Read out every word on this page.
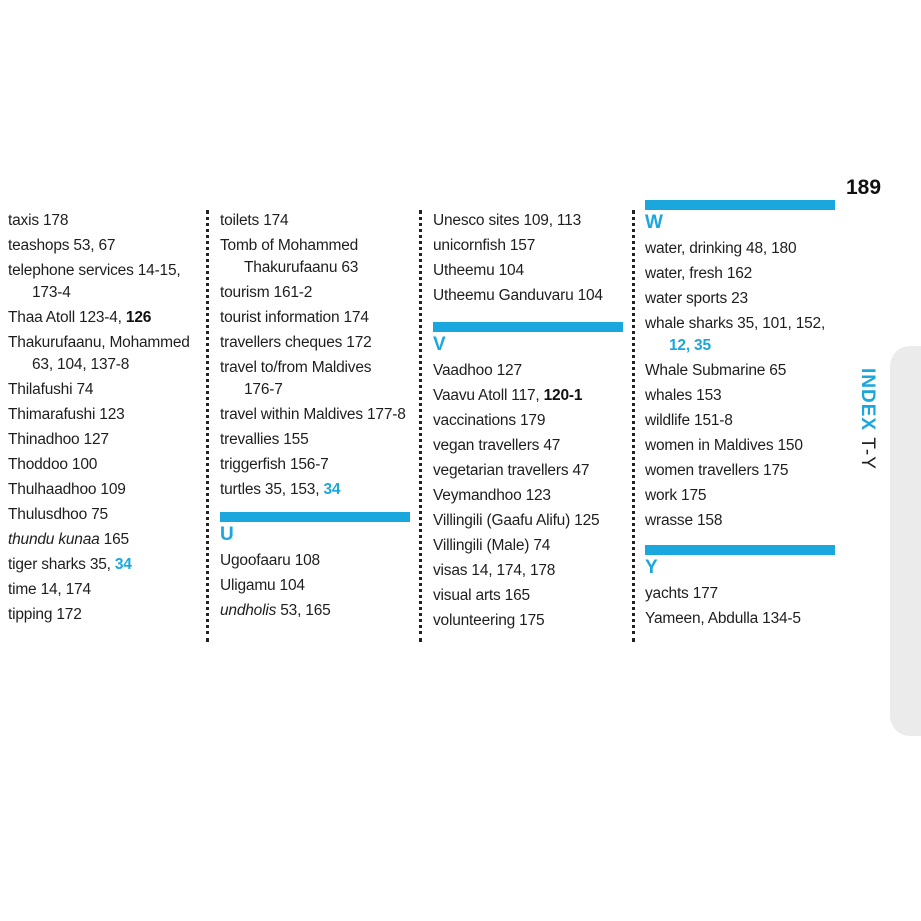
INDEX T-Y
189
taxis 178
teashops 53, 67
telephone services 14-15,
173-4
Thaa Atoll 123-4, 126
Thakurufaanu, Mohammed
63, 104, 137-8
Thilafushi 74
Thimarafushi 123
Thinadhoo 127
Thoddoo 100
Thulhaadhoo 109
Thulusdhoo 75
thundu kunaa 165
tiger sharks 35, 34
time 14, 174
tipping 172
toilets 174
Tomb of Mohammed
Thakurufaanu 63
tourism 161-2
tourist information 174
travellers cheques 172
travel to/from Maldives
176-7
travel within Maldives 177-8
trevallies 155
triggerfish 156-7
turtles 35, 153, 34
U
Ugoofaaru 108
Uligamu 104
undholis 53, 165
Unesco sites 109, 113
unicornfish 157
Utheemu 104
Utheemu Ganduvaru 104
V
Vaadhoo 127
Vaavu Atoll 117, 120-1
vaccinations 179
vegan travellers 47
vegetarian travellers 47
Veymandhoo 123
Villingili (Gaafu Alifu) 125
Villingili (Male) 74
visas 14, 174, 178
visual arts 165
volunteering 175
W
water, drinking 48, 180
water, fresh 162
water sports 23
whale sharks 35, 101, 152,
12, 35
Whale Submarine 65
whales 153
wildlife 151-8
women in Maldives 150
women travellers 175
work 175
wrasse 158
Y
yachts 177
Yameen, Abdulla 134-5
